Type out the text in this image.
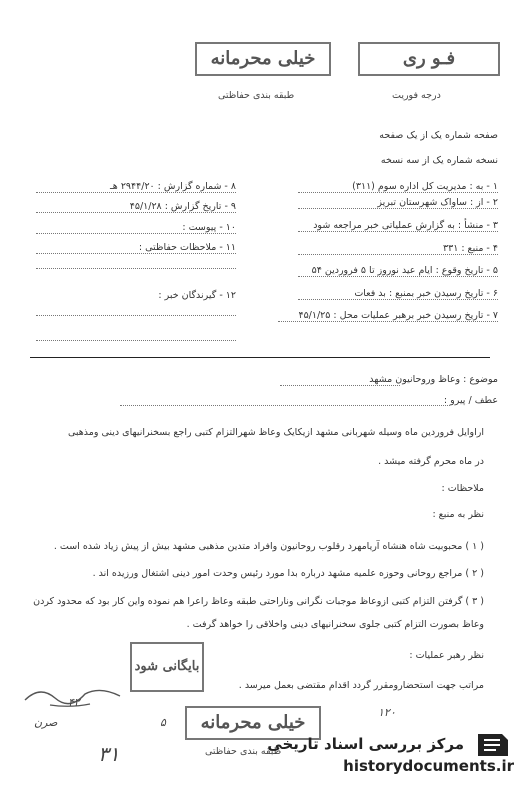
خیلی محرمانه	فـو ری
طبقه بندی حفاظتی	درجه فوریت
صفحه شماره یک از یک صفحه
نسخه شماره یک از سه نسخه
۱ - به : مدیریت کل اداره سوم (۳۱۱)
۲ - از : ساواک شهرستان تبریز
۳ - منشأ : به گزارش عملیاتی خبر مراجعه شود
۴ - منبع : ۳۳۱
۵ - تاریخ وقوع : ایام عید نوروز تا ۵ فروردین ۵۴
۶ - تاریخ رسیدن خبر بمنبع : بد فعات
۷ - تاریخ رسیدن خبر برهبر عملیات محل : ۴۵/۱/۲۵
۸ - شماره گزارش : ۲۹۴۴/۲۰ هـ
۹ - تاریخ گزارش : ۴۵/۱/۲۸
۱۰ - پیوست :
۱۱ - ملاحظات حفاظتی :
۱۲ - گیرندگان خبر :
موضوع : وعاظ وروحانیون مشهد
عطف / پیرو :
اراوایل فروردین ماه وسیله شهربانی مشهد ازیکایک وعاظ شهرالتزام کتبی راجع بسخنرانیهای دینی ومذهبی
در ماه محرم گرفته میشد .
ملاحظات :
نظر به منبع :
( ۱ ) محبوبیت شاه هنشاه آریامهرد رقلوب روحانیون وافراد متدین مذهبی مشهد بیش از پیش زیاد شده است .
( ۲ ) مراجع روحانی وحوزه علمیه مشهد درباره بدا مورد رئیس وحدت امور دینی اشتغال ورزیده اند .
( ۳ ) گرفتن التزام کتبی ازوعاظ موجبات نگرانی وناراحتی طبقه وعاظ راعرا هم نموده واین کار بود که محدود کردن
وعاظ بصورت التزام کتبی جلوی سخنرانیهای دینی واخلاقی را خواهد گرفت .
نظر رهبر عملیات :
مراتب جهت استحضارومقرر گردد اقدام مقتضی بعمل میرسد .
بایگانی شود
۴۲
صرن	۵
۳۱
۱۲۰
خیلی محرمانه
طبقه بندی حفاظتی
مرکز بررسی اسناد تاریخی
historydocuments.ir
